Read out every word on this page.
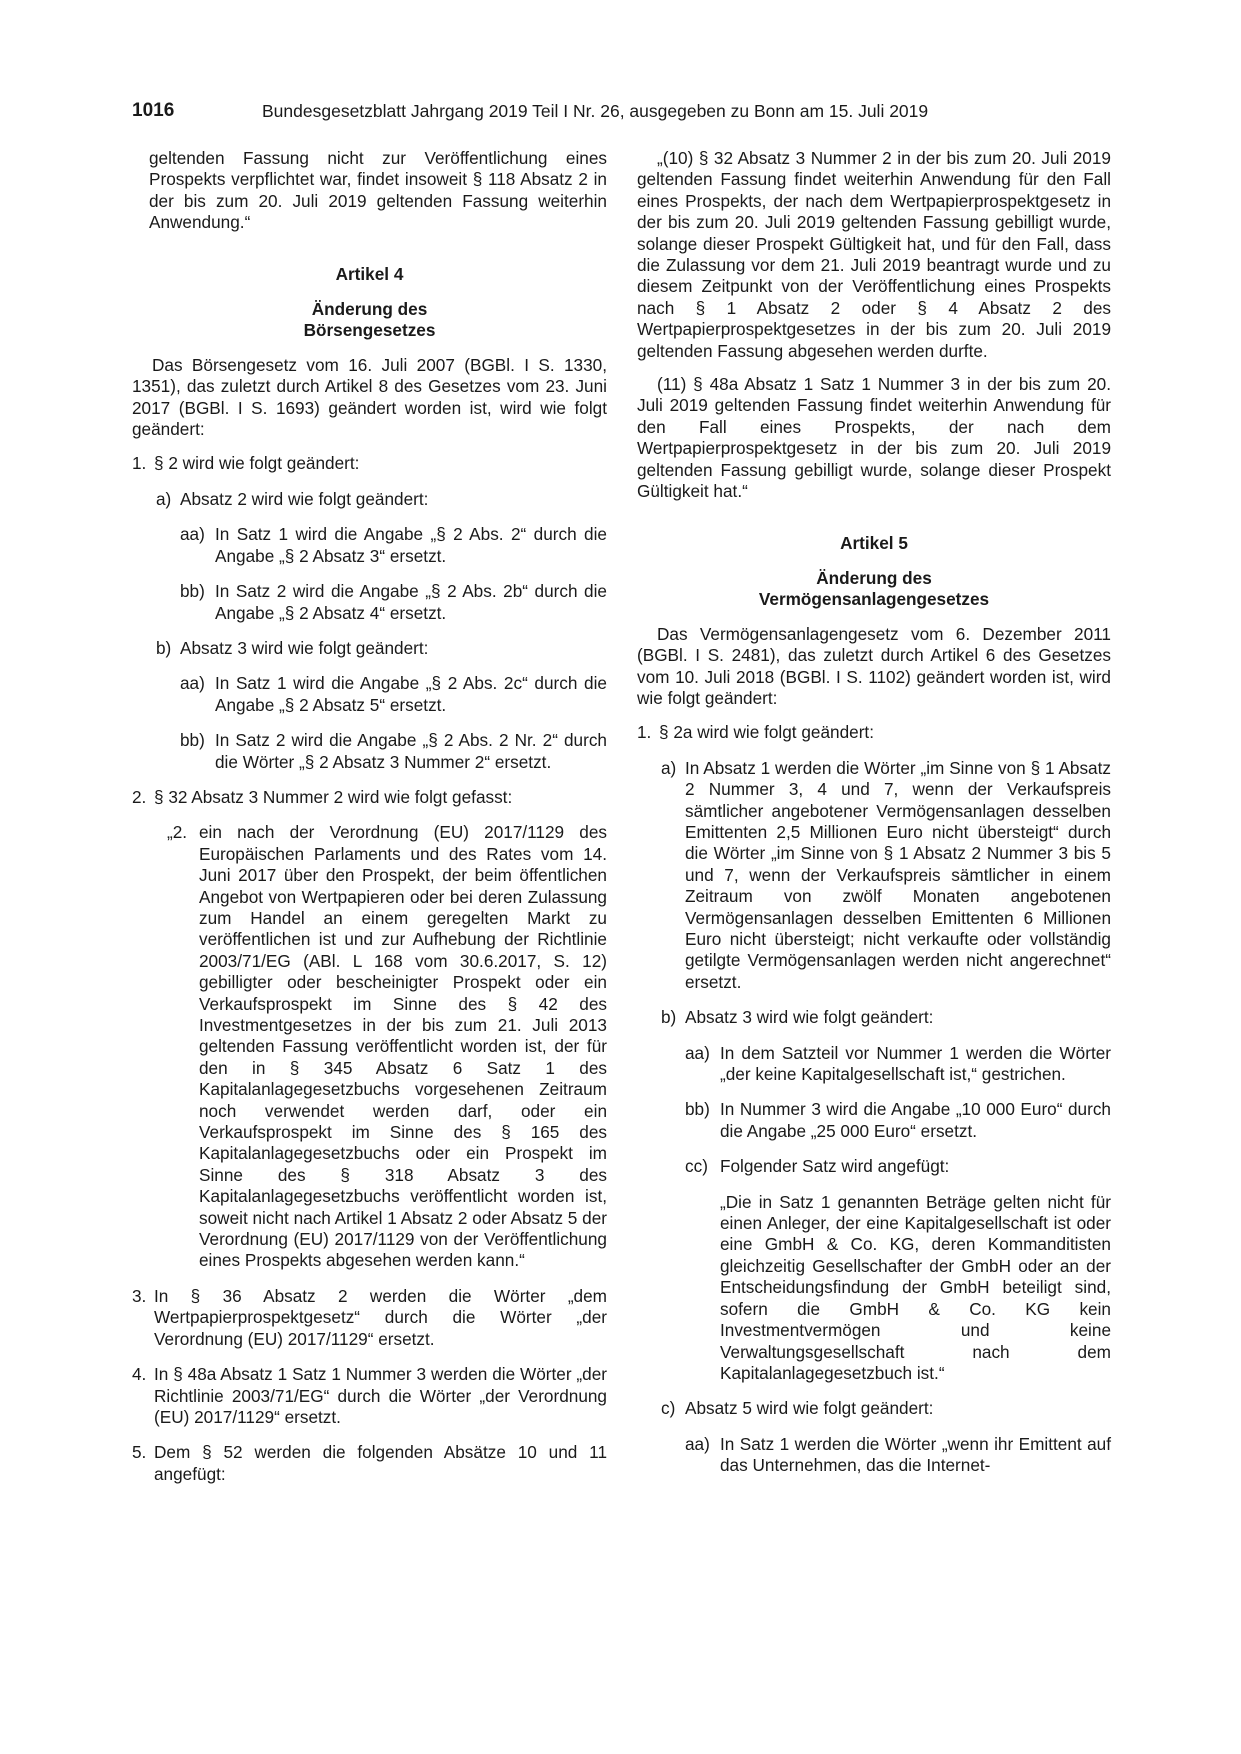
1016	Bundesgesetzblatt Jahrgang 2019 Teil I Nr. 26, ausgegeben zu Bonn am 15. Juli 2019

geltenden Fassung nicht zur Veröffentlichung eines Prospekts verpflichtet war, findet insoweit § 118 Absatz 2 in der bis zum 20. Juli 2019 geltenden Fassung weiterhin Anwendung.“

Artikel 4

Änderung des

Börsengesetzes

Das Börsengesetz vom 16. Juli 2007 (BGBl. I S. 1330, 1351), das zuletzt durch Artikel 8 des Gesetzes vom 23. Juni 2017 (BGBl. I S. 1693) geändert worden ist, wird wie folgt geändert:

1. § 2 wird wie folgt geändert:

a) Absatz 2 wird wie folgt geändert:

aa) In Satz 1 wird die Angabe „§ 2 Abs. 2“ durch die Angabe „§ 2 Absatz 3“ ersetzt.

bb) In Satz 2 wird die Angabe „§ 2 Abs. 2b“ durch die Angabe „§ 2 Absatz 4“ ersetzt.

b) Absatz 3 wird wie folgt geändert:

aa) In Satz 1 wird die Angabe „§ 2 Abs. 2c“ durch die Angabe „§ 2 Absatz 5“ ersetzt.

bb) In Satz 2 wird die Angabe „§ 2 Abs. 2 Nr. 2“ durch die Wörter „§ 2 Absatz 3 Nummer 2“ ersetzt.

2. § 32 Absatz 3 Nummer 2 wird wie folgt gefasst:

„2. ein nach der Verordnung (EU) 2017/1129 des Europäischen Parlaments und des Rates vom 14. Juni 2017 über den Prospekt, der beim öffentlichen Angebot von Wertpapieren oder bei deren Zulassung zum Handel an einem geregelten Markt zu veröffentlichen ist und zur Aufhebung der Richtlinie 2003/71/EG (ABl. L 168 vom 30.6.2017, S. 12) gebilligter oder bescheinigter Prospekt oder ein Verkaufsprospekt im Sinne des § 42 des Investmentgesetzes in der bis zum 21. Juli 2013 geltenden Fassung veröffentlicht worden ist, der für den in § 345 Absatz 6 Satz 1 des Kapitalanlagegesetzbuchs vorgesehenen Zeitraum noch verwendet werden darf, oder ein Verkaufsprospekt im Sinne des § 165 des Kapitalanlagegesetzbuchs oder ein Prospekt im Sinne des § 318 Absatz 3 des Kapitalanlagegesetzbuchs veröffentlicht worden ist, soweit nicht nach Artikel 1 Absatz 2 oder Absatz 5 der Verordnung (EU) 2017/1129 von der Veröffentlichung eines Prospekts abgesehen werden kann.“

3. In § 36 Absatz 2 werden die Wörter „dem Wertpapierprospektgesetz“ durch die Wörter „der Verordnung (EU) 2017/1129“ ersetzt.

4. In § 48a Absatz 1 Satz 1 Nummer 3 werden die Wörter „der Richtlinie 2003/71/EG“ durch die Wörter „der Verordnung (EU) 2017/1129“ ersetzt.

5. Dem § 52 werden die folgenden Absätze 10 und 11 angefügt:

„(10) § 32 Absatz 3 Nummer 2 in der bis zum 20. Juli 2019 geltenden Fassung findet weiterhin Anwendung für den Fall eines Prospekts, der nach dem Wertpapierprospektgesetz in der bis zum 20. Juli 2019 geltenden Fassung gebilligt wurde, solange dieser Prospekt Gültigkeit hat, und für den Fall, dass die Zulassung vor dem 21. Juli 2019 beantragt wurde und zu diesem Zeitpunkt von der Veröffentlichung eines Prospekts nach § 1 Absatz 2 oder § 4 Absatz 2 des Wertpapierprospektgesetzes in der bis zum 20. Juli 2019 geltenden Fassung abgesehen werden durfte.

(11) § 48a Absatz 1 Satz 1 Nummer 3 in der bis zum 20. Juli 2019 geltenden Fassung findet weiterhin Anwendung für den Fall eines Prospekts, der nach dem Wertpapierprospektgesetz in der bis zum 20. Juli 2019 geltenden Fassung gebilligt wurde, solange dieser Prospekt Gültigkeit hat.“

Artikel 5

Änderung des

Vermögensanlagengesetzes

Das Vermögensanlagengesetz vom 6. Dezember 2011 (BGBl. I S. 2481), das zuletzt durch Artikel 6 des Gesetzes vom 10. Juli 2018 (BGBl. I S. 1102) geändert worden ist, wird wie folgt geändert:

1. § 2a wird wie folgt geändert:

a) In Absatz 1 werden die Wörter „im Sinne von § 1 Absatz 2 Nummer 3, 4 und 7, wenn der Verkaufspreis sämtlicher angebotener Vermögensanlagen desselben Emittenten 2,5 Millionen Euro nicht übersteigt“ durch die Wörter „im Sinne von § 1 Absatz 2 Nummer 3 bis 5 und 7, wenn der Verkaufspreis sämtlicher in einem Zeitraum von zwölf Monaten angebotenen Vermögensanlagen desselben Emittenten 6 Millionen Euro nicht übersteigt; nicht verkaufte oder vollständig getilgte Vermögensanlagen werden nicht angerechnet“ ersetzt.

b) Absatz 3 wird wie folgt geändert:

aa) In dem Satzteil vor Nummer 1 werden die Wörter „der keine Kapitalgesellschaft ist,“ gestrichen.

bb) In Nummer 3 wird die Angabe „10 000 Euro“ durch die Angabe „25 000 Euro“ ersetzt.

cc) Folgender Satz wird angefügt:

„Die in Satz 1 genannten Beträge gelten nicht für einen Anleger, der eine Kapitalgesellschaft ist oder eine GmbH & Co. KG, deren Kommanditisten gleichzeitig Gesellschafter der GmbH oder an der Entscheidungsfindung der GmbH beteiligt sind, sofern die GmbH & Co. KG kein Investmentvermögen und keine Verwaltungsgesellschaft nach dem Kapitalanlagegesetzbuch ist.“

c) Absatz 5 wird wie folgt geändert:

aa) In Satz 1 werden die Wörter „wenn ihr Emittent auf das Unternehmen, das die Internet-
